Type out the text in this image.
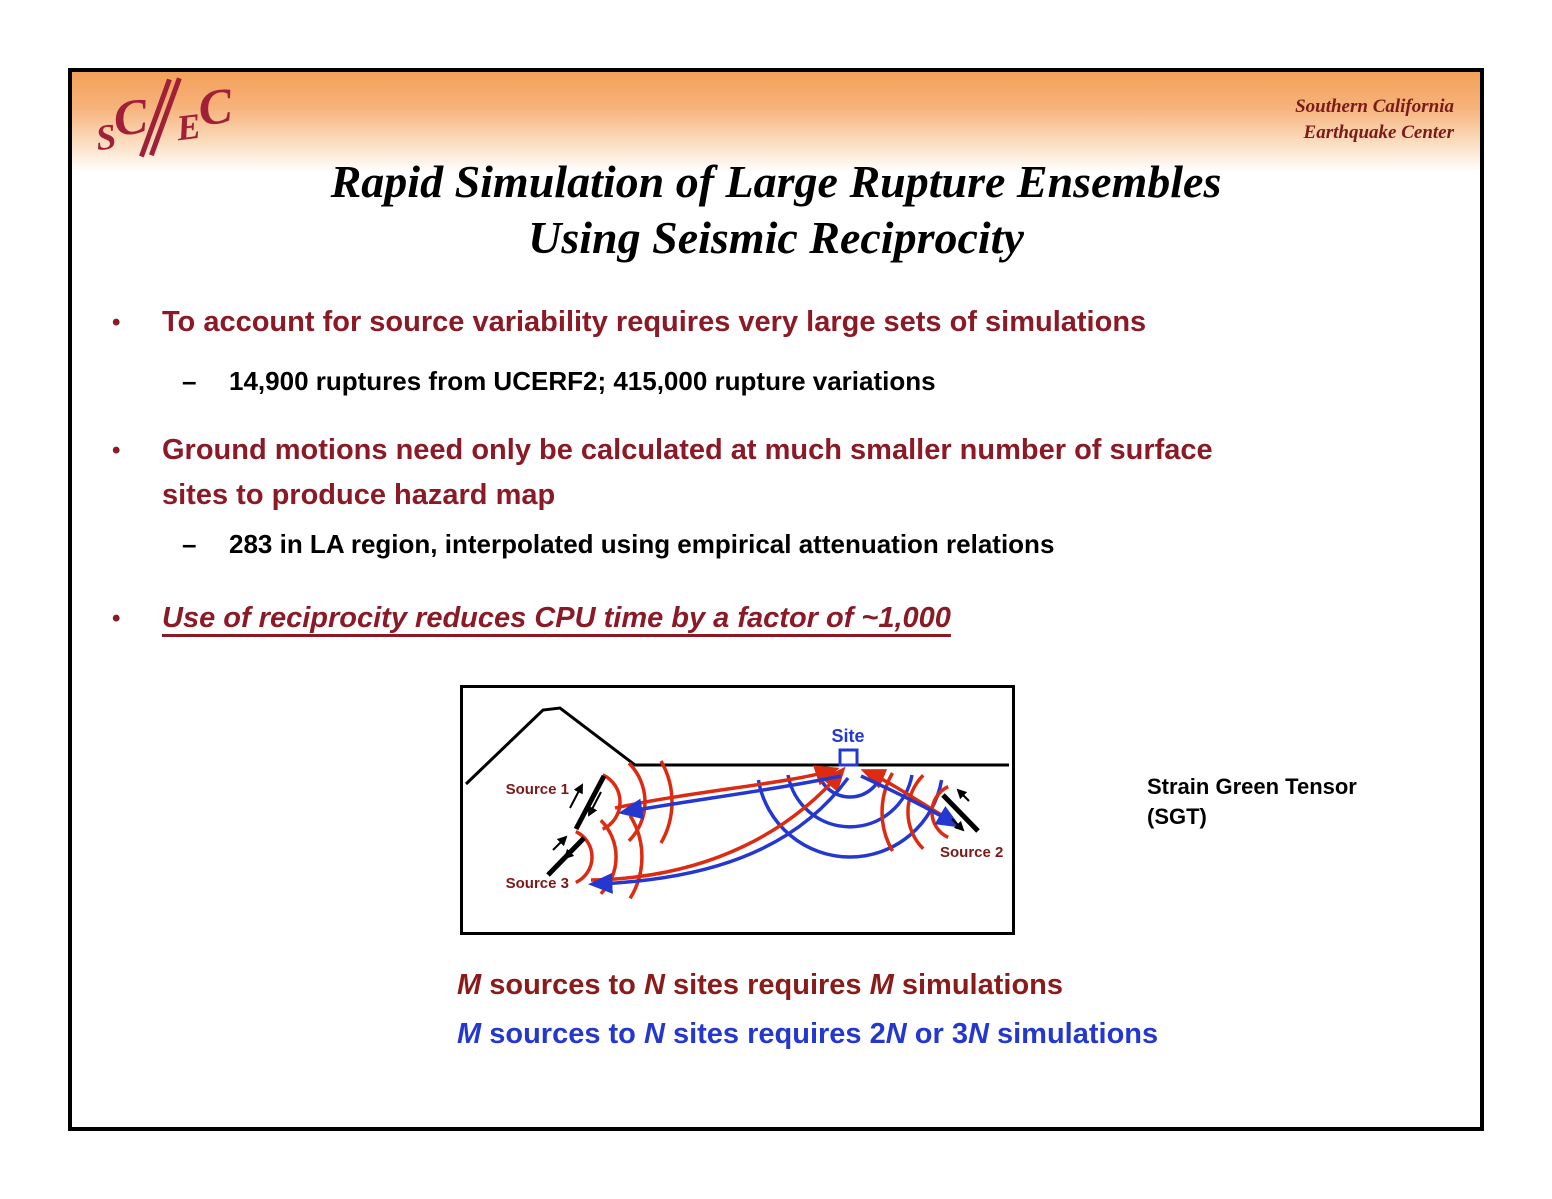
SC EC	Southern California
Earthquake Center
Rapid Simulation of Large Rupture Ensembles
Using Seismic Reciprocity
•	To account for source variability requires very large sets of simulations
–	14,900 ruptures from UCERF2; 415,000 rupture variations
•	Ground motions need only be calculated at much smaller number of surface
sites to produce hazard map
–	283 in LA region, interpolated using empirical attenuation relations
•	Use of reciprocity reduces CPU time by a factor of ~1,000
Site
Source 1
Source 2
Source 3
Strain Green Tensor
(SGT)
M sources to N sites requires M simulations
M sources to N sites requires 2N or 3N simulations
